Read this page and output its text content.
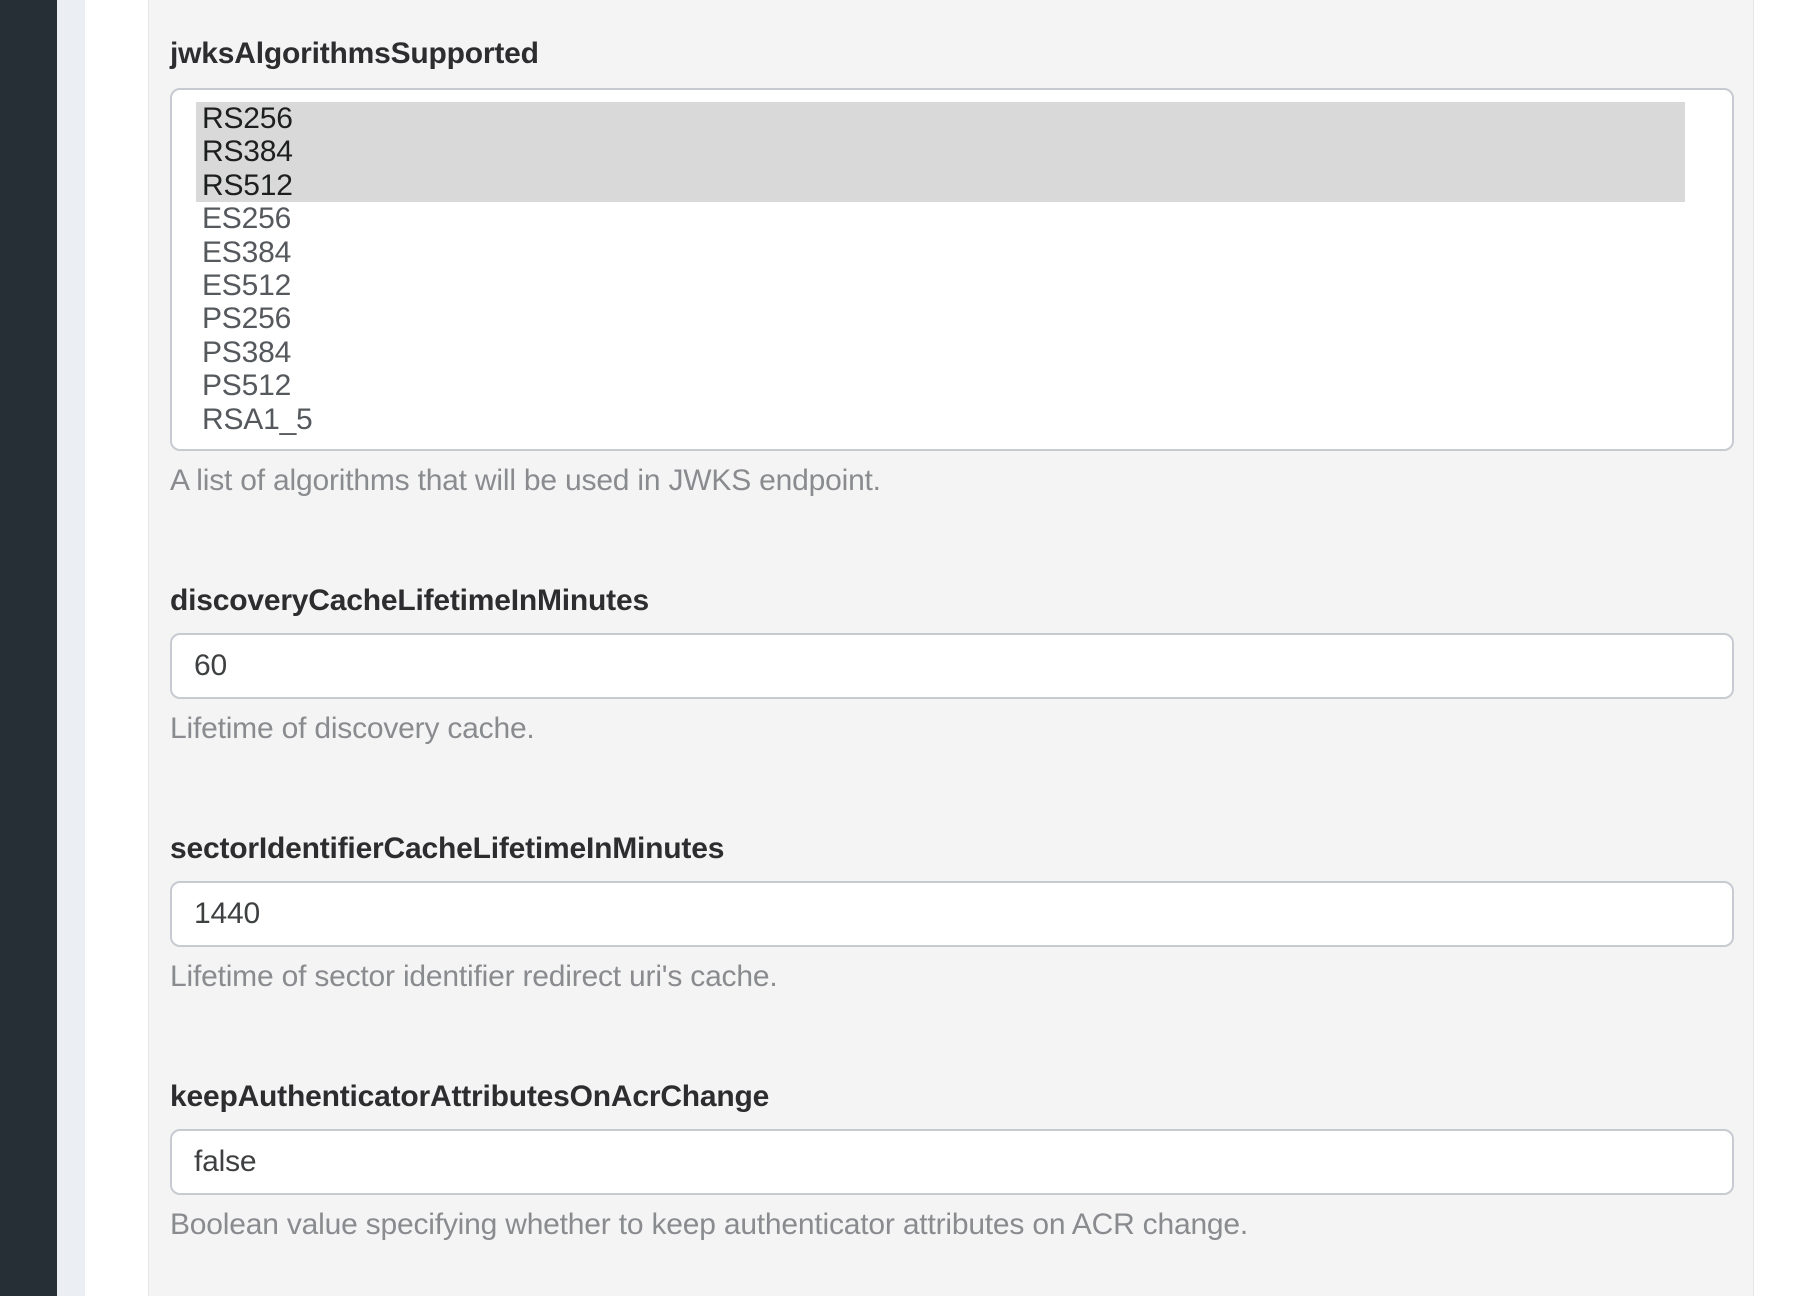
jwksAlgorithmsSupported
RS256
RS384
RS512
ES256
ES384
ES512
PS256
PS384
PS512
RSA1_5
A list of algorithms that will be used in JWKS endpoint.
discoveryCacheLifetimeInMinutes
60
Lifetime of discovery cache.
sectorIdentifierCacheLifetimeInMinutes
1440
Lifetime of sector identifier redirect uri's cache.
keepAuthenticatorAttributesOnAcrChange
false
Boolean value specifying whether to keep authenticator attributes on ACR change.
